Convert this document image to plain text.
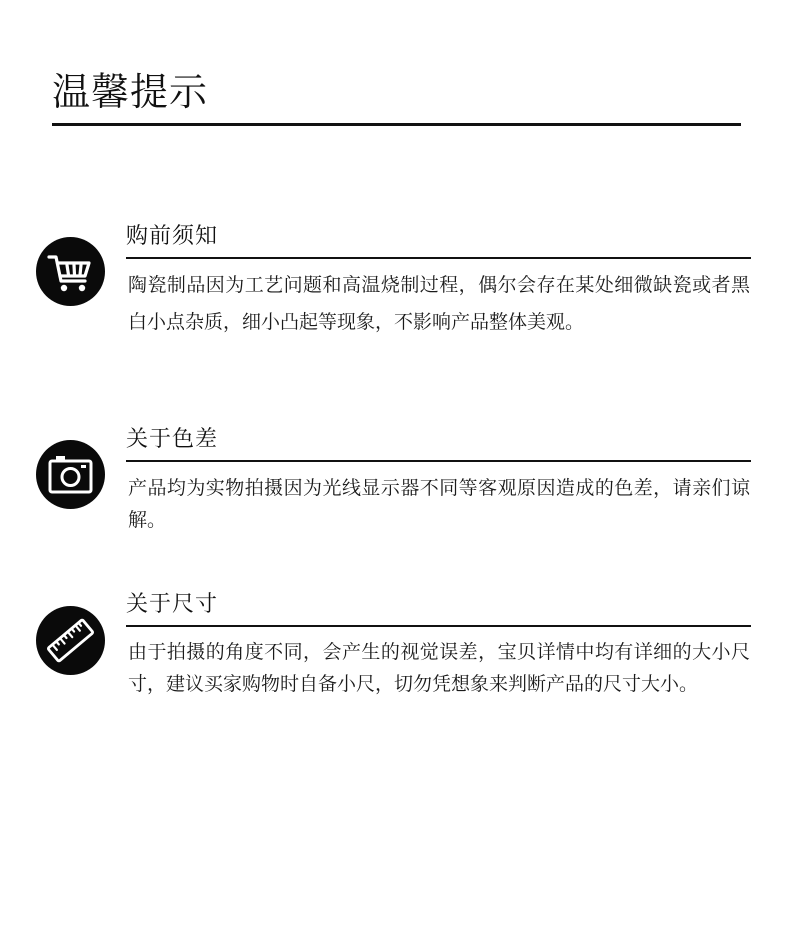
温馨提示
购前须知

陶瓷制品因为工艺问题和高温烧制过程，偶尔会存在某处细微缺瓷或者黑白小点杂质，细小凸起等现象，不影响产品整体美观。

关于色差

产品均为实物拍摄因为光线显示器不同等客观原因造成的色差，请亲们谅解。

关于尺寸

由于拍摄的角度不同，会产生的视觉误差，宝贝详情中均有详细的大小尺寸，建议买家购物时自备小尺，切勿凭想象来判断产品的尺寸大小。
